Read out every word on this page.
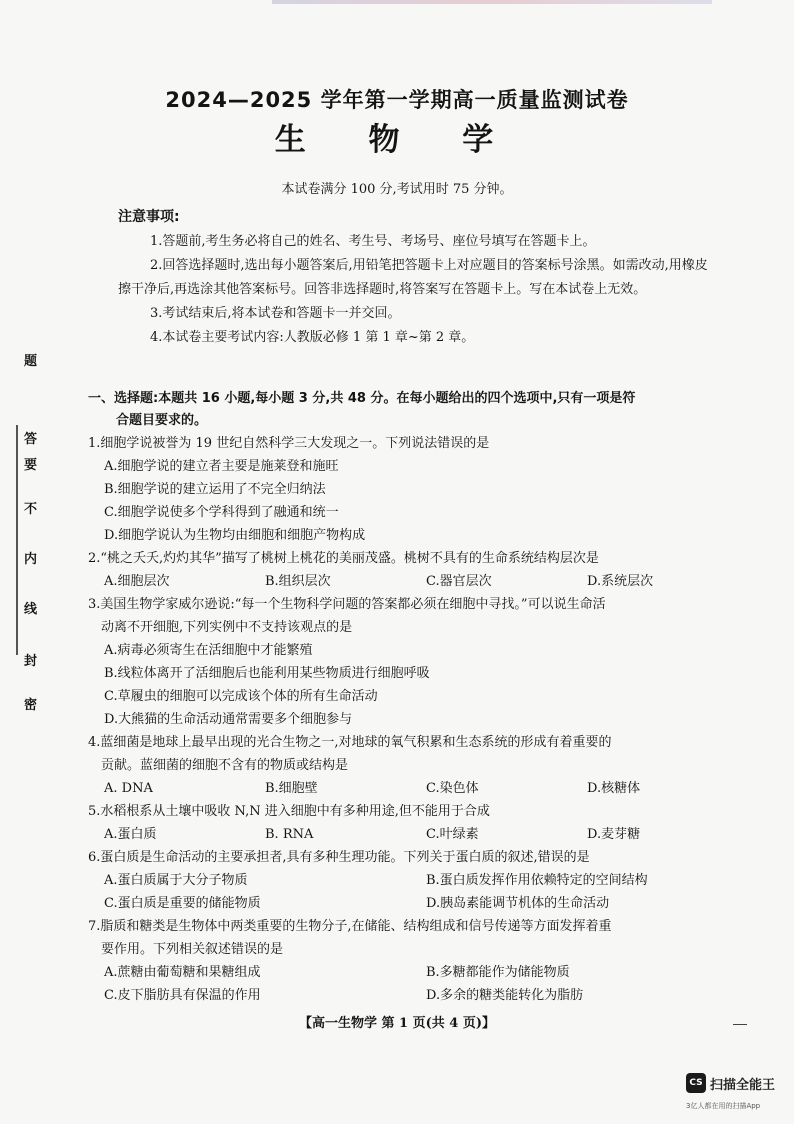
2024—2025 学年第一学期高一质量监测试卷
生 物 学
本试卷满分 100 分,考试用时 75 分钟。
注意事项:

1.答题前,考生务必将自己的姓名、考生号、考场号、座位号填写在答题卡上。

2.回答选择题时,选出每小题答案后,用铅笔把答题卡上对应题目的答案标号涂黑。如需改动,用橡皮擦干净后,再选涂其他答案标号。回答非选择题时,将答案写在答题卡上。写在本试卷上无效。

3.考试结束后,将本试卷和答题卡一并交回。

4.本试卷主要考试内容:人教版必修 1 第 1 章~第 2 章。

题
答
要
不
内
线
封
密
一、选择题:本题共 16 小题,每小题 3 分,共 48 分。在每小题给出的四个选项中,只有一项是符
合题目要求的。
1.细胞学说被誉为 19 世纪自然科学三大发现之一。下列说法错误的是
A.细胞学说的建立者主要是施莱登和施旺
B.细胞学说的建立运用了不完全归纳法
C.细胞学说使多个学科得到了融通和统一
D.细胞学说认为生物均由细胞和细胞产物构成
2.“桃之夭夭,灼灼其华”描写了桃树上桃花的美丽茂盛。桃树不具有的生命系统结构层次是
A.细胞层次	B.组织层次	C.器官层次	D.系统层次
3.美国生物学家威尔逊说:“每一个生物科学问题的答案都必须在细胞中寻找。”可以说生命活
动离不开细胞,下列实例中不支持该观点的是
A.病毒必须寄生在活细胞中才能繁殖
B.线粒体离开了活细胞后也能利用某些物质进行细胞呼吸
C.草履虫的细胞可以完成该个体的所有生命活动
D.大熊猫的生命活动通常需要多个细胞参与
4.蓝细菌是地球上最早出现的光合生物之一,对地球的氧气积累和生态系统的形成有着重要的
贡献。蓝细菌的细胞不含有的物质或结构是
A. DNA	B.细胞壁	C.染色体	D.核糖体
5.水稻根系从土壤中吸收 N,N 进入细胞中有多种用途,但不能用于合成
A.蛋白质	B. RNA	C.叶绿素	D.麦芽糖
6.蛋白质是生命活动的主要承担者,具有多种生理功能。下列关于蛋白质的叙述,错误的是
A.蛋白质属于大分子物质	B.蛋白质发挥作用依赖特定的空间结构
C.蛋白质是重要的储能物质	D.胰岛素能调节机体的生命活动
7.脂质和糖类是生物体中两类重要的生物分子,在储能、结构组成和信号传递等方面发挥着重
要作用。下列相关叙述错误的是
A.蔗糖由葡萄糖和果糖组成	B.多糖都能作为储能物质
C.皮下脂肪具有保温的作用	D.多余的糖类能转化为脂肪
【高一生物学 第 1 页(共 4 页)】
CS 扫描全能王
3亿人都在用的扫描App
